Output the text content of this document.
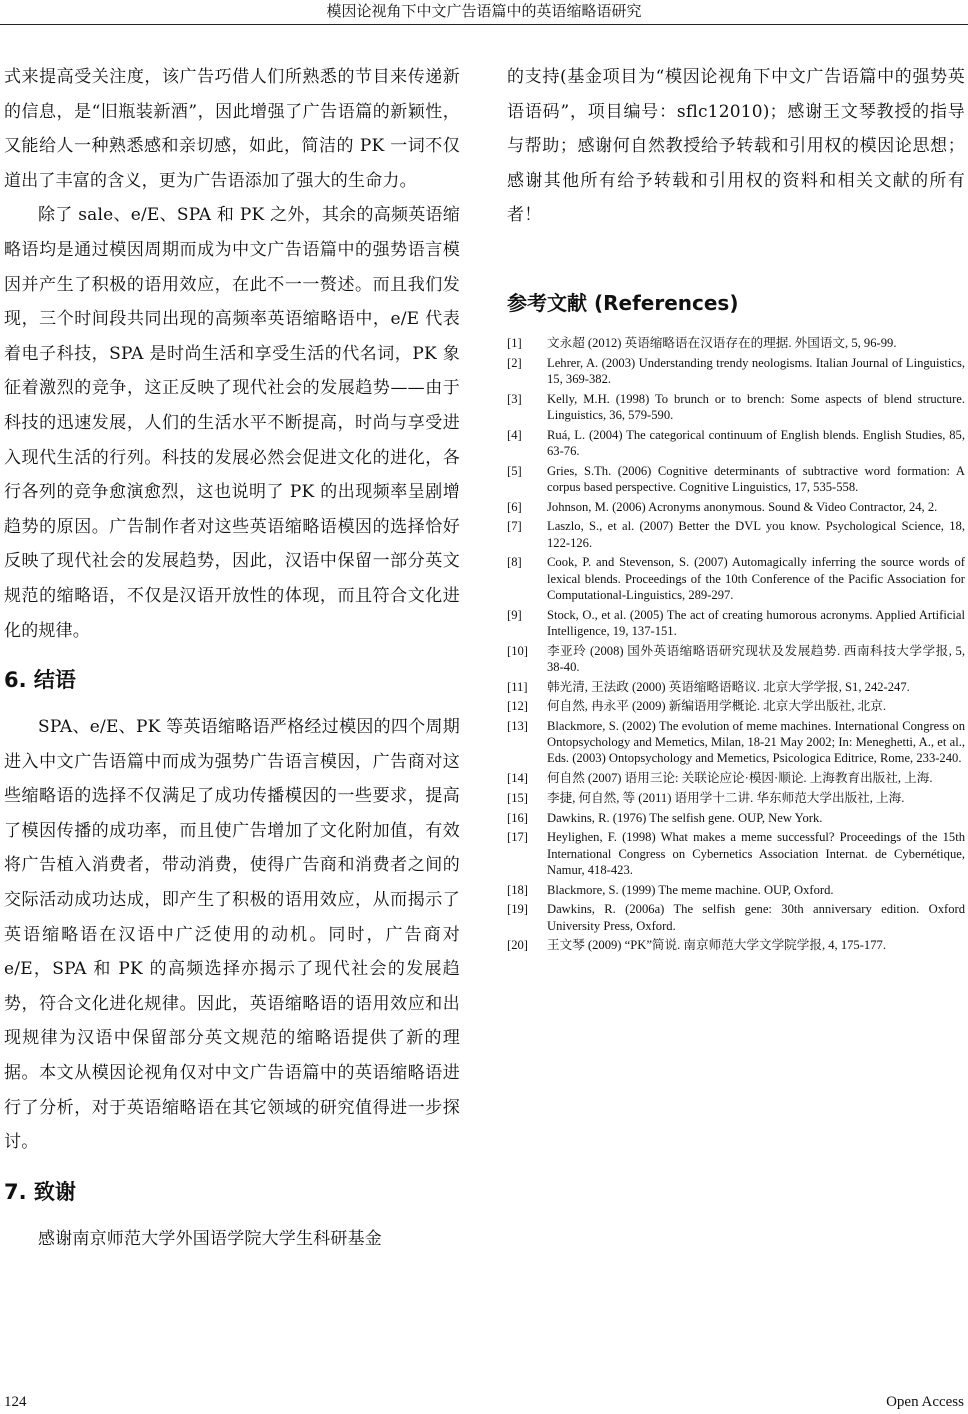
模因论视角下中文广告语篇中的英语缩略语研究

式来提高受关注度，该广告巧借人们所熟悉的节目来传递新的信息，是“旧瓶装新酒”，因此增强了广告语篇的新颖性，又能给人一种熟悉感和亲切感，如此，简洁的 PK 一词不仅道出了丰富的含义，更为广告语添加了强大的生命力。

除了 sale、e/E、SPA 和 PK 之外，其余的高频英语缩略语均是通过模因周期而成为中文广告语篇中的强势语言模因并产生了积极的语用效应，在此不一一赘述。而且我们发现，三个时间段共同出现的高频率英语缩略语中，e/E 代表着电子科技，SPA 是时尚生活和享受生活的代名词，PK 象征着激烈的竞争，这正反映了现代社会的发展趋势——由于科技的迅速发展，人们的生活水平不断提高，时尚与享受进入现代生活的行列。科技的发展必然会促进文化的进化，各行各列的竞争愈演愈烈，这也说明了 PK 的出现频率呈剧增趋势的原因。广告制作者对这些英语缩略语模因的选择恰好反映了现代社会的发展趋势，因此，汉语中保留一部分英文规范的缩略语，不仅是汉语开放性的体现，而且符合文化进化的规律。

6. 结语

SPA、e/E、PK 等英语缩略语严格经过模因的四个周期进入中文广告语篇中而成为强势广告语言模因，广告商对这些缩略语的选择不仅满足了成功传播模因的一些要求，提高了模因传播的成功率，而且使广告增加了文化附加值，有效将广告植入消费者，带动消费，使得广告商和消费者之间的交际活动成功达成，即产生了积极的语用效应，从而揭示了英语缩略语在汉语中广泛使用的动机。同时，广告商对 e/E，SPA 和 PK 的高频选择亦揭示了现代社会的发展趋势，符合文化进化规律。因此，英语缩略语的语用效应和出现规律为汉语中保留部分英文规范的缩略语提供了新的理据。本文从模因论视角仅对中文广告语篇中的英语缩略语进行了分析，对于英语缩略语在其它领域的研究值得进一步探讨。

7. 致谢

感谢南京师范大学外国语学院大学生科研基金

的支持(基金项目为“模因论视角下中文广告语篇中的强势英语语码”，项目编号：sflc12010)；感谢王文琴教授的指导与帮助；感谢何自然教授给予转载和引用权的模因论思想；感谢其他所有给予转载和引用权的资料和相关文献的所有者！

参考文献 (References)
[1]	文永超 (2012) 英语缩略语在汉语存在的理据. 外国语文, 5, 96-99.
[2]	Lehrer, A. (2003) Understanding trendy neologisms. Italian Journal of Linguistics, 15, 369-382.
[3]	Kelly, M.H. (1998) To brunch or to brench: Some aspects of blend structure. Linguistics, 36, 579-590.
[4]	Ruá, L. (2004) The categorical continuum of English blends. English Studies, 85, 63-76.
[5]	Gries, S.Th. (2006) Cognitive determinants of subtractive word formation: A corpus based perspective. Cognitive Linguistics, 17, 535-558.
[6]	Johnson, M. (2006) Acronyms anonymous. Sound & Video Contractor, 24, 2.
[7]	Laszlo, S., et al. (2007) Better the DVL you know. Psychological Science, 18, 122-126.
[8]	Cook, P. and Stevenson, S. (2007) Automagically inferring the source words of lexical blends. Proceedings of the 10th Conference of the Pacific Association for Computational-Linguistics, 289-297.
[9]	Stock, O., et al. (2005) The act of creating humorous acronyms. Applied Artificial Intelligence, 19, 137-151.
[10]	李亚玲 (2008) 国外英语缩略语研究现状及发展趋势. 西南科技大学学报, 5, 38-40.
[11]	韩光清, 王法政 (2000) 英语缩略语略议. 北京大学学报, S1, 242-247.
[12]	何自然, 冉永平 (2009) 新编语用学概论. 北京大学出版社, 北京.
[13]	Blackmore, S. (2002) The evolution of meme machines. International Congress on Ontopsychology and Memetics, Milan, 18-21 May 2002; In: Meneghetti, A., et al., Eds. (2003) Ontopsychology and Memetics, Psicologica Editrice, Rome, 233-240.
[14]	何自然 (2007) 语用三论: 关联论应论·模因·顺论. 上海教育出版社, 上海.
[15]	李捷, 何自然, 等 (2011) 语用学十二讲. 华东师范大学出版社, 上海.
[16]	Dawkins, R. (1976) The selfish gene. OUP, New York.
[17]	Heylighen, F. (1998) What makes a meme successful? Proceedings of the 15th International Congress on Cybernetics Association Internat. de Cybernétique, Namur, 418-423.
[18]	Blackmore, S. (1999) The meme machine. OUP, Oxford.
[19]	Dawkins, R. (2006a) The selfish gene: 30th anniversary edition. Oxford University Press, Oxford.
[20]	王文琴 (2009) “PK”简说. 南京师范大学文学院学报, 4, 175-177.
124	Open Access
